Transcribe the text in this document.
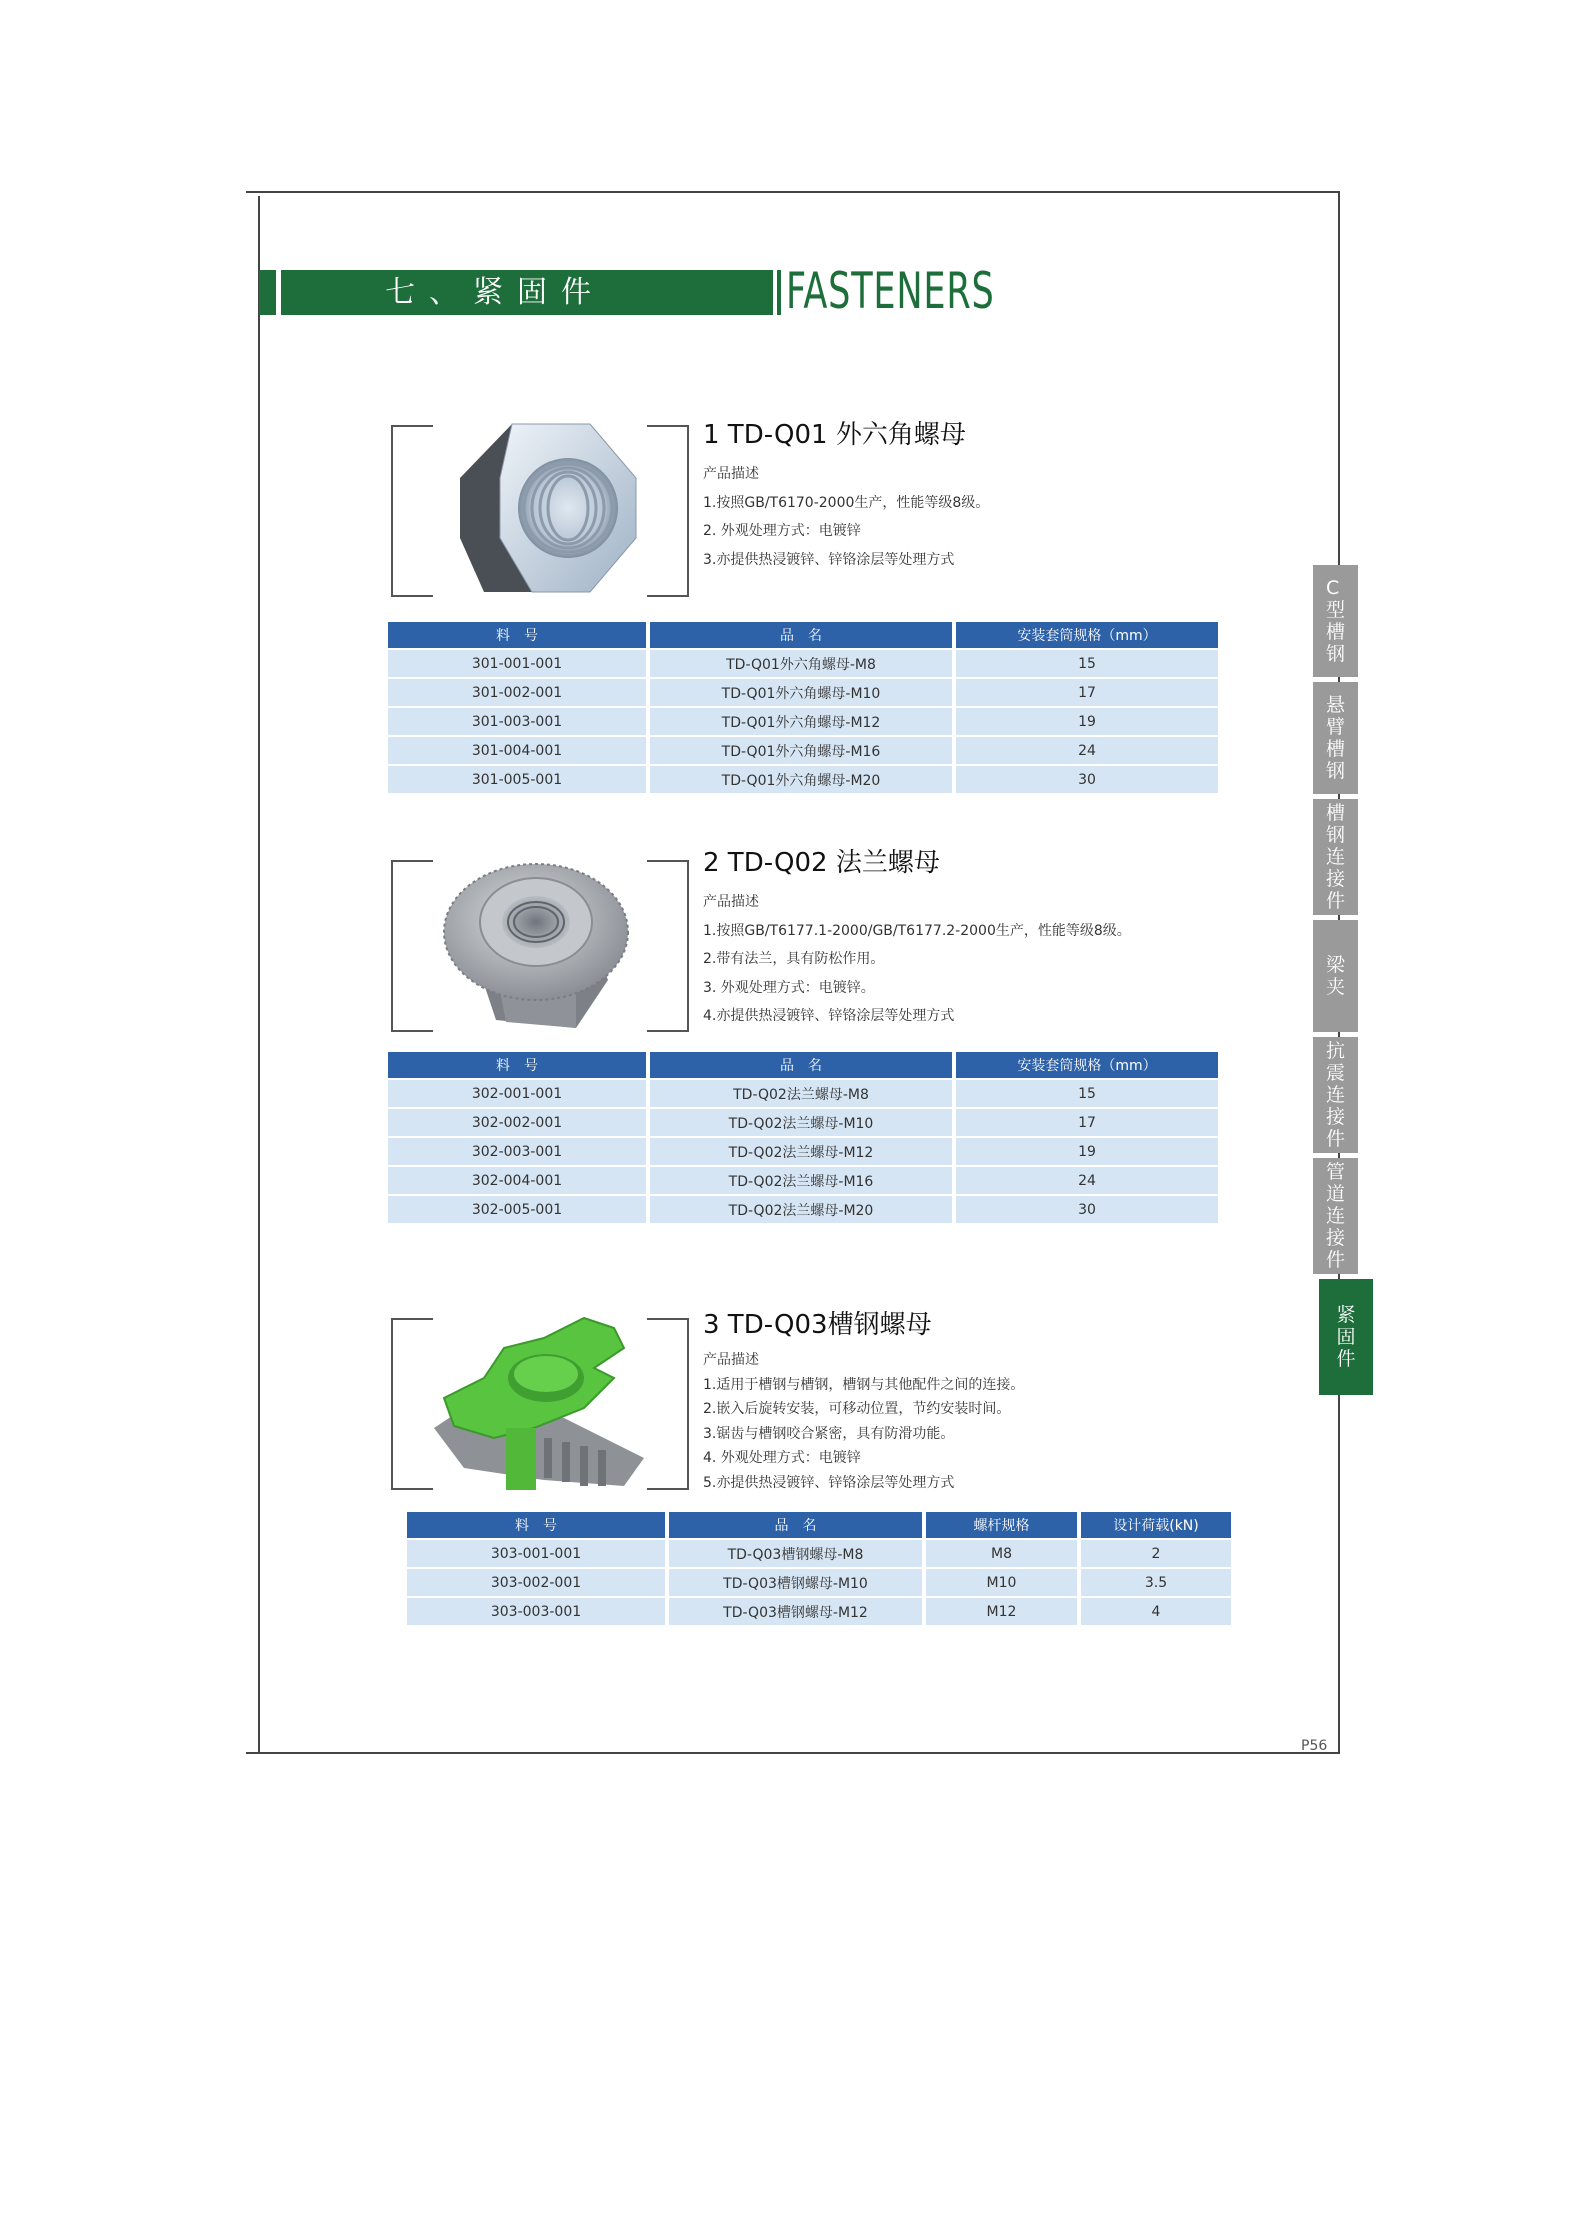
七、紧固件	FASTENERS
1 TD-Q01 外六角螺母
产品描述
1.按照GB/T6170-2000生产，性能等级8级。
2. 外观处理方式：电镀锌
3.亦提供热浸镀锌、锌铬涂层等处理方式
料　号	品　名	安装套筒规格（mm）
301-001-001	TD-Q01外六角螺母-M8	15
301-002-001	TD-Q01外六角螺母-M10	17
301-003-001	TD-Q01外六角螺母-M12	19
301-004-001	TD-Q01外六角螺母-M16	24
301-005-001	TD-Q01外六角螺母-M20	30
2 TD-Q02 法兰螺母
产品描述
1.按照GB/T6177.1-2000/GB/T6177.2-2000生产，性能等级8级。
2.带有法兰，具有防松作用。
3. 外观处理方式：电镀锌。
4.亦提供热浸镀锌、锌铬涂层等处理方式
料　号	品　名	安装套筒规格（mm）
302-001-001	TD-Q02法兰螺母-M8	15
302-002-001	TD-Q02法兰螺母-M10	17
302-003-001	TD-Q02法兰螺母-M12	19
302-004-001	TD-Q02法兰螺母-M16	24
302-005-001	TD-Q02法兰螺母-M20	30
3 TD-Q03槽钢螺母
产品描述
1.适用于槽钢与槽钢，槽钢与其他配件之间的连接。
2.嵌入后旋转安装，可移动位置，节约安装时间。
3.锯齿与槽钢咬合紧密，具有防滑功能。
4. 外观处理方式：电镀锌
5.亦提供热浸镀锌、锌铬涂层等处理方式
料　号	品　名	螺杆规格	设计荷载(kN)
303-001-001	TD-Q03槽钢螺母-M8	M8	2
303-002-001	TD-Q03槽钢螺母-M10	M10	3.5
303-003-001	TD-Q03槽钢螺母-M12	M12	4
C
型
槽
钢
悬
臂
槽
钢
槽
钢
连
接
件
梁
夹
抗
震
连
接
件
管
道
连
接
件
紧
固
件
P56
